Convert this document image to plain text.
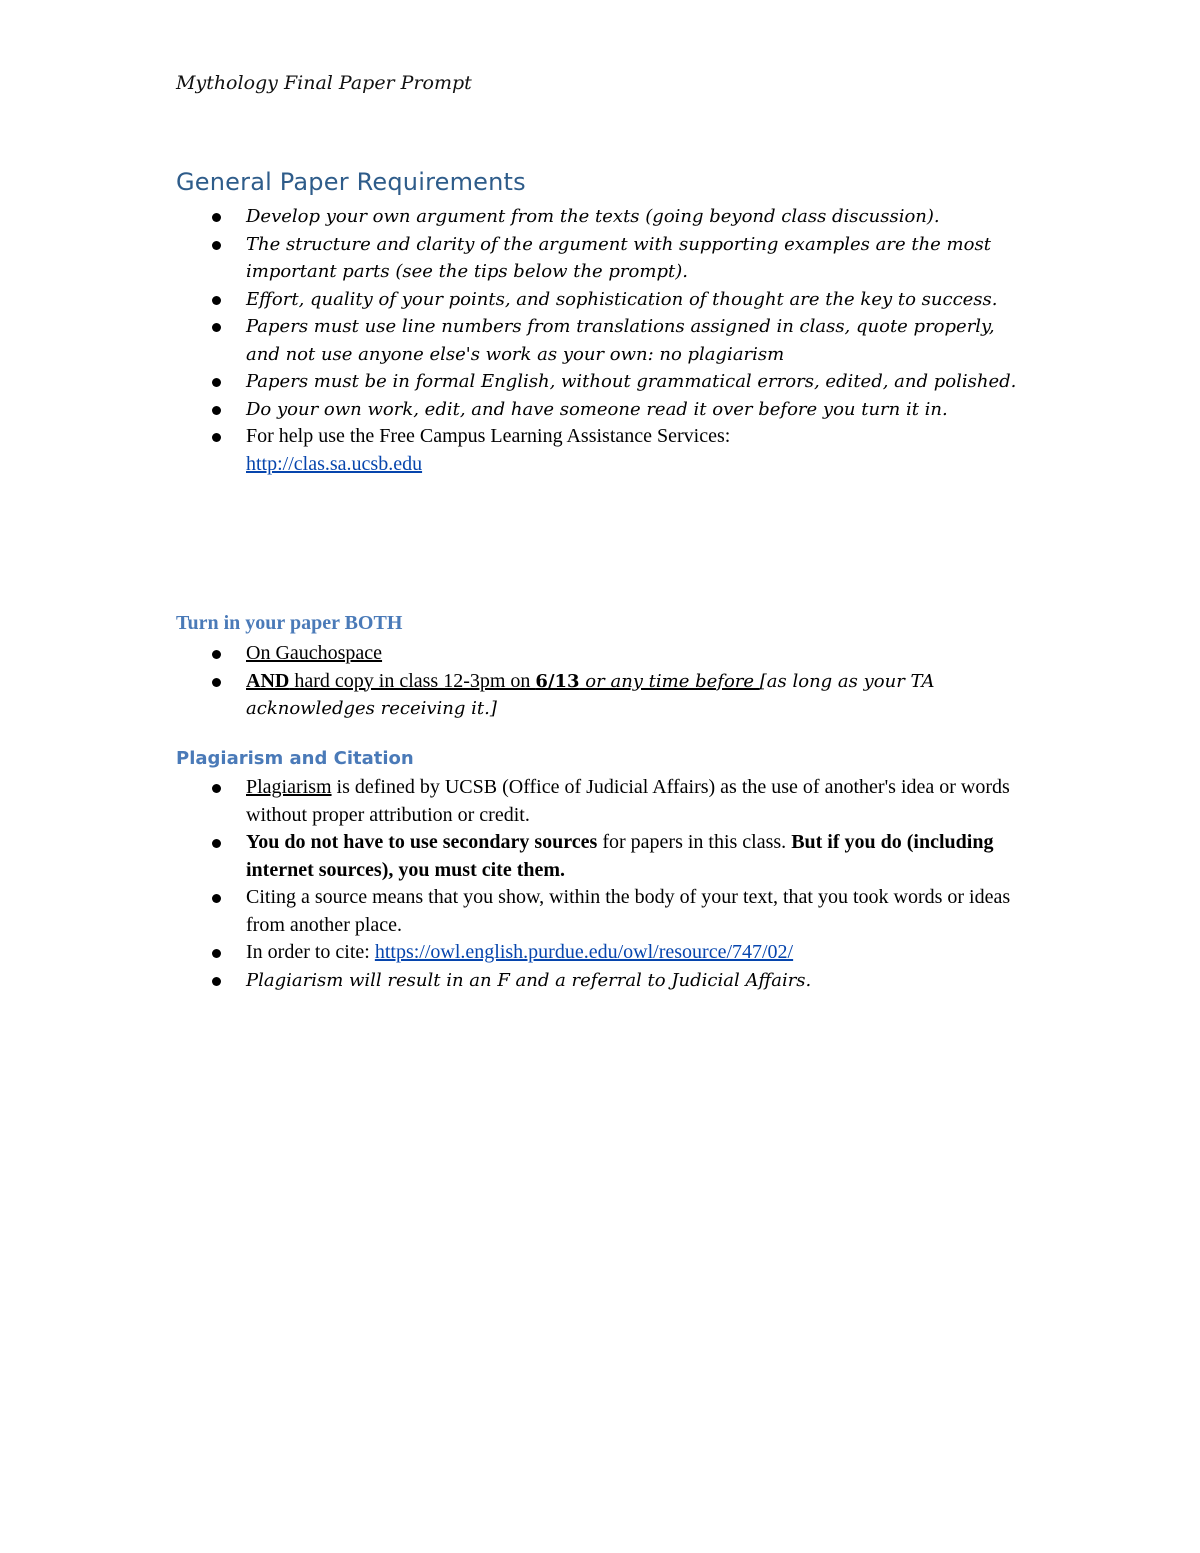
Mythology Final Paper Prompt
General Paper Requirements
Develop your own argument from the texts (going beyond class discussion).
The structure and clarity of the argument with supporting examples are the most important parts (see the tips below the prompt).
Effort, quality of your points, and sophistication of thought are the key to success.
Papers must use line numbers from translations assigned in class, quote properly, and not use anyone else's work as your own: no plagiarism
Papers must be in formal English, without grammatical errors, edited, and polished.
Do your own work, edit, and have someone read it over before you turn it in.
For help use the Free Campus Learning Assistance Services:
http://clas.sa.ucsb.edu
Turn in your paper BOTH
On Gauchospace
AND hard copy in class 12-3pm on 6/13 or any time before [as long as your TA acknowledges receiving it.]
Plagiarism and Citation
Plagiarism is defined by UCSB (Office of Judicial Affairs) as the use of another's idea or words without proper attribution or credit.
You do not have to use secondary sources for papers in this class. But if you do (including internet sources), you must cite them.
Citing a source means that you show, within the body of your text, that you took words or ideas from another place.
In order to cite: https://owl.english.purdue.edu/owl/resource/747/02/
Plagiarism will result in an F and a referral to Judicial Affairs.
